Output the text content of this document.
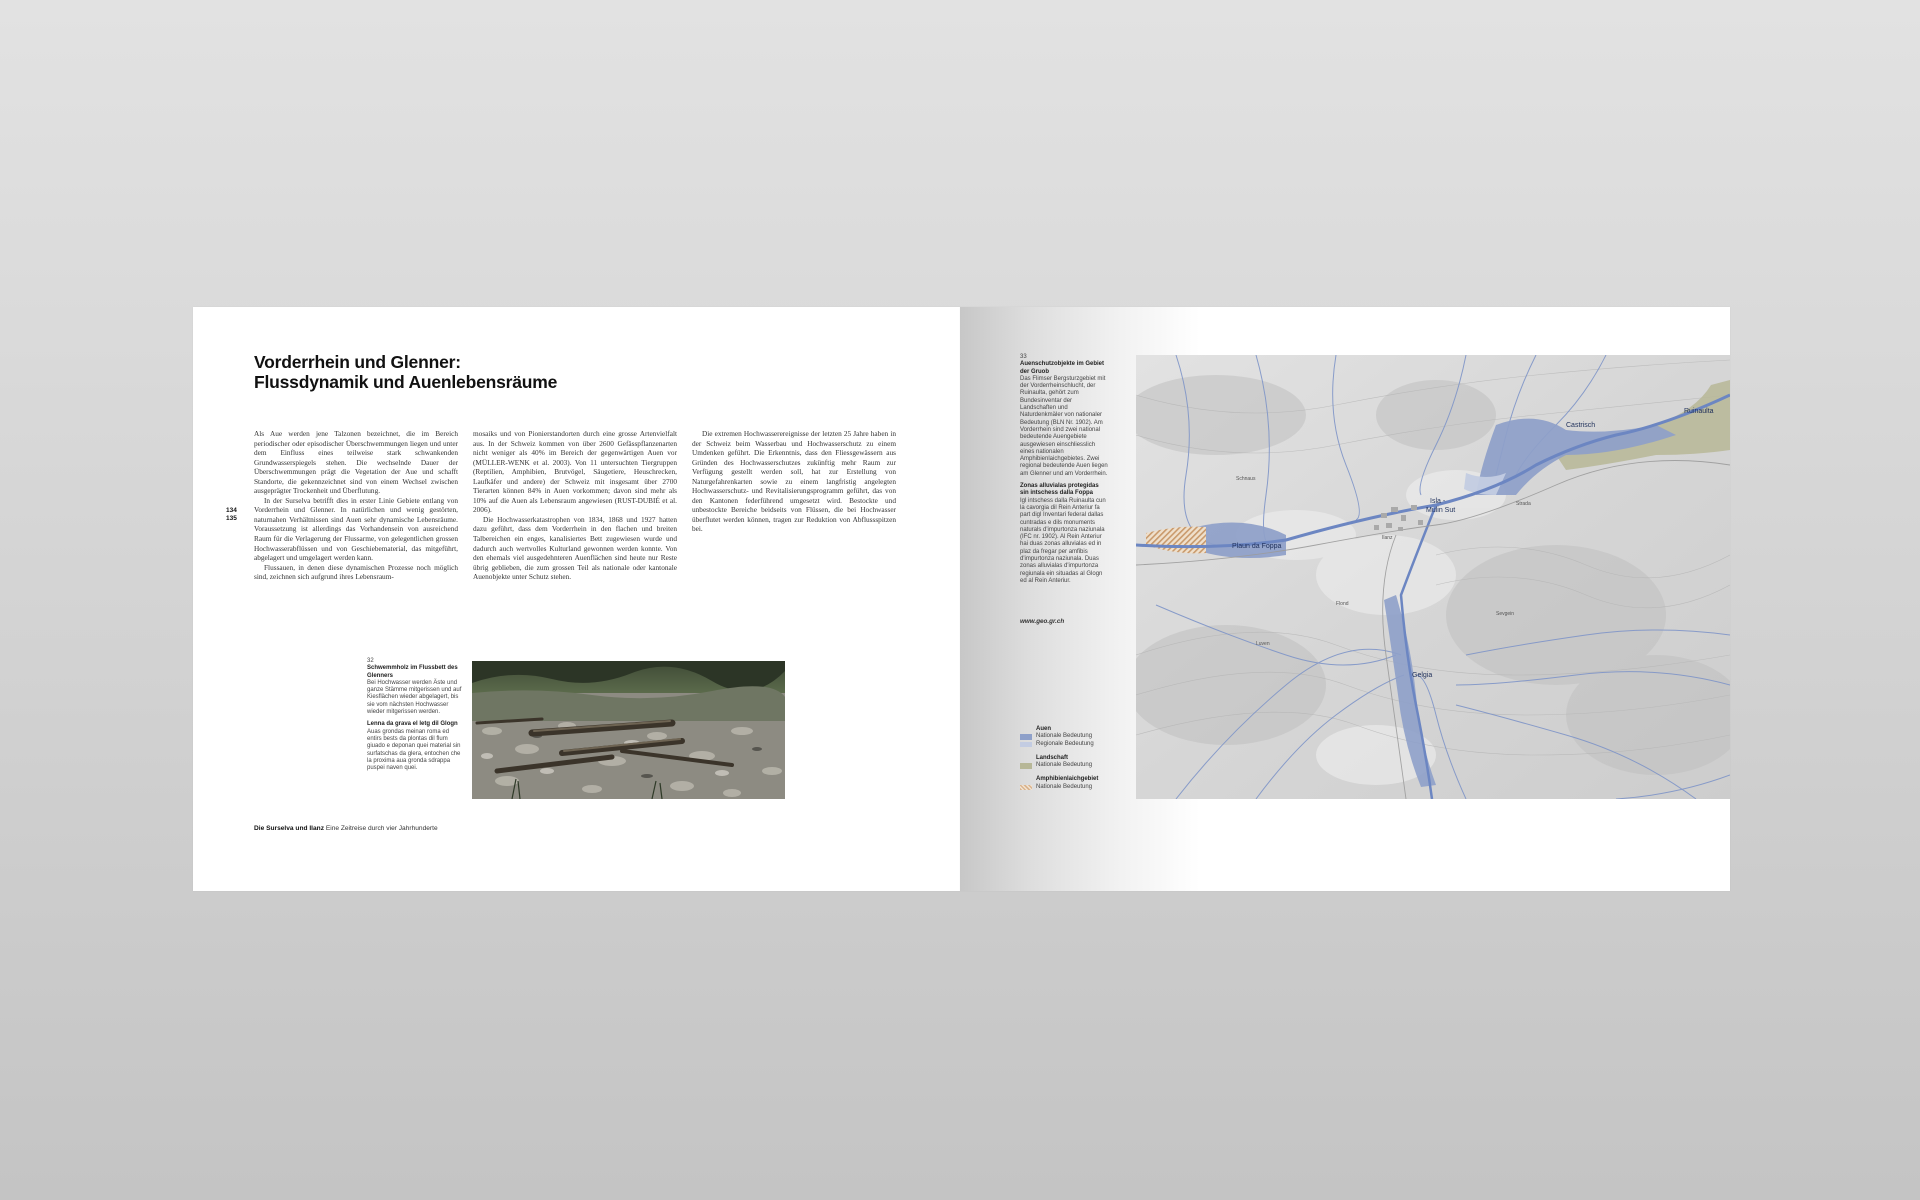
Vorderrhein und Glenner:
Flussdynamik und Auenlebensräume
134
135

Als Aue werden jene Talzonen bezeichnet, die im Bereich periodischer oder episodischer Überschwemmungen liegen und unter dem Einfluss eines teilweise stark schwankenden Grundwasserspiegels stehen. Die wechselnde Dauer der Überschwemmungen prägt die Vegetation der Aue und schafft Standorte, die gekennzeichnet sind von einem Wechsel zwischen ausgeprägter Trockenheit und Überflutung.

In der Surselva betrifft dies in erster Linie Gebiete entlang von Vorderrhein und Glenner. In natürlichen und wenig gestörten, naturnahen Verhältnissen sind Auen sehr dynamische Lebensräume. Voraussetzung ist allerdings das Vorhandensein von ausreichend Raum für die Verlagerung der Flussarme, von gelegentlichen grossen Hochwasserabflüssen und von Geschiebematerial, das mitgeführt, abgelagert und umgelagert werden kann.

Flussauen, in denen diese dynamischen Prozesse noch möglich sind, zeichnen sich aufgrund ihres Lebensraum-

mosaiks und von Pionierstandorten durch eine grosse Artenvielfalt aus. In der Schweiz kommen von über 2600 Gefässpflanzenarten nicht weniger als 40% im Bereich der gegenwärtigen Auen vor (MÜLLER-WENK et al. 2003). Von 11 untersuchten Tiergruppen (Reptilien, Amphibien, Brutvögel, Säugetiere, Heuschrecken, Laufkäfer und andere) der Schweiz mit insgesamt über 2700 Tierarten können 84% in Auen vorkommen; davon sind mehr als 10% auf die Auen als Lebensraum angewiesen (RUST-DUBIÉ et al. 2006).

Die Hochwasserkatastrophen von 1834, 1868 und 1927 hatten dazu geführt, dass dem Vorderrhein in den flachen und breiten Talbereichen ein enges, kanalisiertes Bett zugewiesen wurde und dadurch auch wertvolles Kulturland gewonnen werden konnte. Von den ehemals viel ausgedehnteren Auenflächen sind heute nur Reste übrig geblieben, die zum grossen Teil als nationale oder kantonale Auenobjekte unter Schutz stehen.

Die extremen Hochwasserereignisse der letzten 25 Jahre haben in der Schweiz beim Wasserbau und Hochwasserschutz zu einem Umdenken geführt. Die Erkenntnis, dass den Fliessgewässern aus Gründen des Hochwasserschutzes zukünftig mehr Raum zur Verfügung gestellt werden soll, hat zur Erstellung von Naturgefahrenkarten sowie zu einem langfristig angelegten Hochwasserschutz- und Revitalisierungsprogramm geführt, das von den Kantonen federführend umgesetzt wird. Bestockte und unbestockte Bereiche beidseits von Flüssen, die bei Hochwasser überflutet werden können, tragen zur Reduktion von Abflussspitzen bei.

32
Schwemmholz im Flussbett des Glenners
Bei Hochwasser werden Äste und ganze Stämme mitgerissen und auf Kiesflächen wieder abgelagert, bis sie vom nächsten Hochwasser wieder mitgerissen werden.
Lenna da grava el letg dil Glogn
Auas grondas meinan roma ed entirs bests da plontas dil flum giuado e deponan quei material sin surfatschas da glera, entochen che la proxima aua gronda sdrappa puspei naven quei.
Die Surselva und Ilanz Eine Zeitreise durch vier Jahrhunderte
33
Auenschutzobjekte im Gebiet der Gruob
Das Flimser Bergsturzgebiet mit der Vorderrheinschlucht, der Ruinaulta, gehört zum Bundesinventar der Landschaften und Naturdenkmäler von nationaler Bedeutung (BLN Nr. 1902). Am Vorderrhein sind zwei national bedeutende Auengebiete ausgewiesen einschliesslich eines nationalen Amphibienlaichgebietes. Zwei regional bedeutende Auen liegen am Glenner und am Vorderrhein.
Zonas alluvialas protegidas sin intschess dalla Foppa
Igl intschess dalla Ruinaulta cun la cavorgia dil Rein Anteriur fa part digl Inventari federal dallas cuntradas e dils monuments naturals d'impurtonza naziunala (IFC nr. 1902). Al Rein Anteriur hai duas zonas alluvialas ed in plaz da fregar per amfibis d'impurtonza naziunala. Duas zonas alluvialas d'impurtonza regiunala ein situadas al Glogn ed al Rein Anteriur.
www.geo.gr.ch
Auen
Nationale Bedeutung
Regionale Bedeutung
Landschaft
Nationale Bedeutung
Amphibienlaichgebiet
Nationale Bedeutung
Castrisch
Ruinaulta
Isla -
Mulin Sut
Plaun da Foppa
Gelgia
Ilanz
Sevgein
Luven
Schnaus
Flond
Strada
